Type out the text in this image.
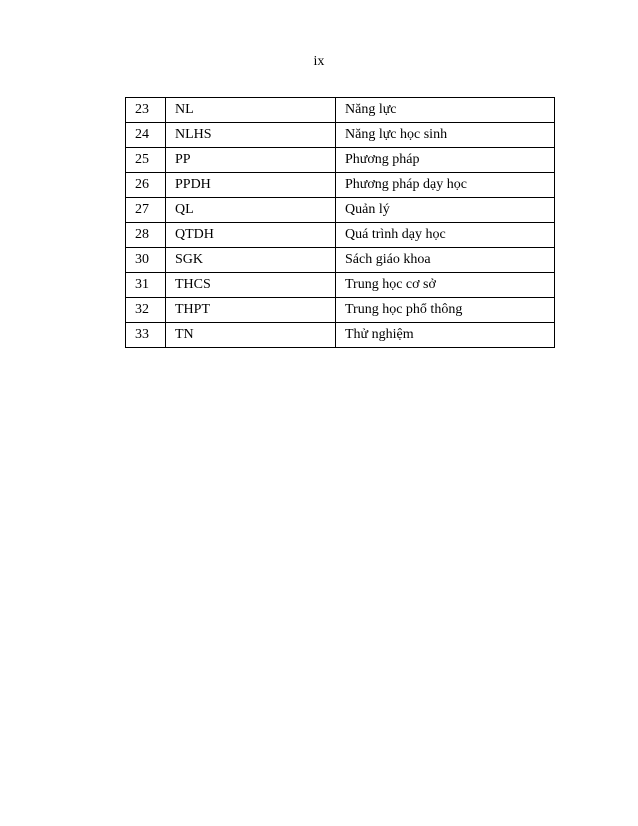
ix
23	NL	Năng lực
24	NLHS	Năng lực học sinh
25	PP	Phương pháp
26	PPDH	Phương pháp dạy học
27	QL	Quản lý
28	QTDH	Quá trình dạy học
30	SGK	Sách giáo khoa
31	THCS	Trung học cơ sở
32	THPT	Trung học phổ thông
33	TN	Thử nghiệm
